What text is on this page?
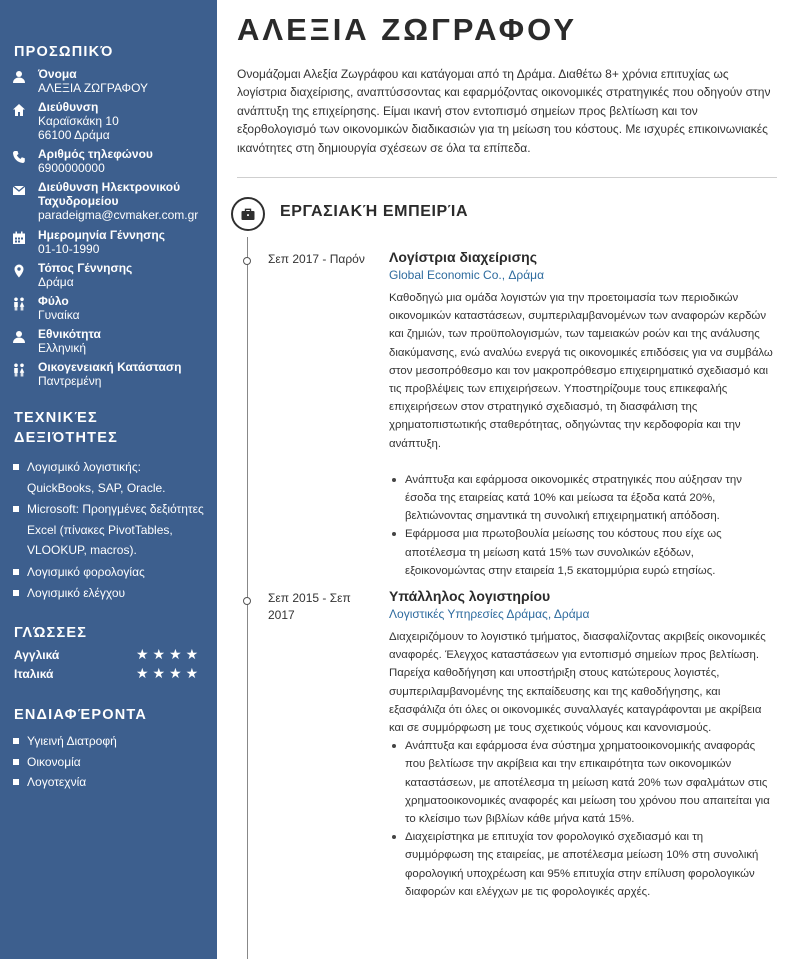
ΠΡΟΣΩΠΙΚΌ
Όνομα
ΑΛΕΞΙΑ ΖΩΓΡΑΦΟΥ
Διεύθυνση
Καραϊσκάκη 10
66100 Δράμα
Αριθμός τηλεφώνου
6900000000
Διεύθυνση Ηλεκτρονικού
Ταχυδρομείου
paradeigma@cvmaker.com.gr
Ημερομηνία Γέννησης
01-10-1990
Τόπος Γέννησης
Δράμα
Φύλο
Γυναίκα
Εθνικότητα
Ελληνική
Οικογενειακή Κατάσταση
Παντρεμένη
ΤΕΧΝΙΚΈΣ
ΔΕΞΙΌΤΗΤΕΣ
Λογισμικό λογιστικής:
QuickBooks, SAP, Oracle.
Microsoft: Προηγμένες δεξιότητες
Excel (πίνακες PivotTables,
VLOOKUP, macros).
Λογισμικό φορολογίας
Λογισμικό ελέγχου
ΓΛΏΣΣΕΣ
Αγγλικά	★★★★
Ιταλικά	★★★★
ΕΝΔΙΑΦΈΡΟΝΤΑ
Υγιεινή Διατροφή
Οικονομία
Λογοτεχνία
ΑΛΕΞΙΑ ΖΩΓΡΑΦΟΥ
Ονομάζομαι Αλεξία Ζωγράφου και κατάγομαι από τη Δράμα. Διαθέτω 8+ χρόνια επιτυχίας ως λογίστρια διαχείρισης, αναπτύσσοντας και εφαρμόζοντας οικονομικές στρατηγικές που οδηγούν στην ανάπτυξη της επιχείρησης. Είμαι ικανή στον εντοπισμό σημείων προς βελτίωση και τον εξορθολογισμό των οικονομικών διαδικασιών για τη μείωση του κόστους. Με ισχυρές επικοινωνιακές ικανότητες στη δημιουργία σχέσεων σε όλα τα επίπεδα.
ΕΡΓΑΣΙΑΚΉ ΕΜΠΕΙΡΊΑ
Σεπ 2017 - Παρόν	Λογίστρια διαχείρισης
Global Economic Co., Δράμα
Καθοδηγώ μια ομάδα λογιστών για την προετοιμασία των περιοδικών οικονομικών καταστάσεων, συμπεριλαμβανομένων των αναφορών κερδών και ζημιών, των προϋπολογισμών, των ταμειακών ροών και της ανάλυσης διακύμανσης, ενώ αναλύω ενεργά τις οικονομικές επιδόσεις για να συμβάλω στον μεσοπρόθεσμο και τον μακροπρόθεσμο επιχειρηματικό σχεδιασμό και τις προβλέψεις των επιχειρήσεων. Υποστηρίζουμε τους επικεφαλής επιχειρήσεων στον στρατηγικό σχεδιασμό, τη διασφάλιση της χρηματοπιστωτικής σταθερότητας, οδηγώντας την κερδοφορία και την ανάπτυξη.
Ανάπτυξα και εφάρμοσα οικονομικές στρατηγικές που αύξησαν την έσοδα της εταιρείας κατά 10% και μείωσα τα έξοδα κατά 20%, βελτιώνοντας σημαντικά τη συνολική επιχειρηματική απόδοση.
Εφάρμοσα μια πρωτοβουλία μείωσης του κόστους που είχε ως αποτέλεσμα τη μείωση κατά 15% των συνολικών εξόδων, εξοικονομώντας στην εταιρεία 1,5 εκατομμύρια ευρώ ετησίως.
Σεπ 2015 - Σεπ 2017
Υπάλληλος λογιστηρίου
Λογιστικές Υπηρεσίες Δράμας, Δράμα
Διαχειριζόμουν το λογιστικό τμήματος, διασφαλίζοντας ακριβείς οικονομικές αναφορές. Έλεγχος καταστάσεων για εντοπισμό σημείων προς βελτίωση. Παρείχα καθοδήγηση και υποστήριξη στους κατώτερους λογιστές, συμπεριλαμβανομένης της εκπαίδευσης και της καθοδήγησης, και εξασφάλιζα ότι όλες οι οικονομικές συναλλαγές καταγράφονται με ακρίβεια και σε συμμόρφωση με τους σχετικούς νόμους και κανονισμούς.
Ανάπτυξα και εφάρμοσα ένα σύστημα χρηματοοικονομικής αναφοράς που βελτίωσε την ακρίβεια και την επικαιρότητα των οικονομικών καταστάσεων, με αποτέλεσμα τη μείωση κατά 20% των σφαλμάτων στις χρηματοοικονομικές αναφορές και μείωση του χρόνου που απαιτείται για το κλείσιμο των βιβλίων κάθε μήνα κατά 15%.
Διαχειρίστηκα με επιτυχία τον φορολογικό σχεδιασμό και τη συμμόρφωση της εταιρείας, με αποτέλεσμα μείωση 10% στη συνολική φορολογική υποχρέωση και 95% επιτυχία στην επίλυση φορολογικών διαφορών και ελέγχων με τις φορολογικές αρχές.
